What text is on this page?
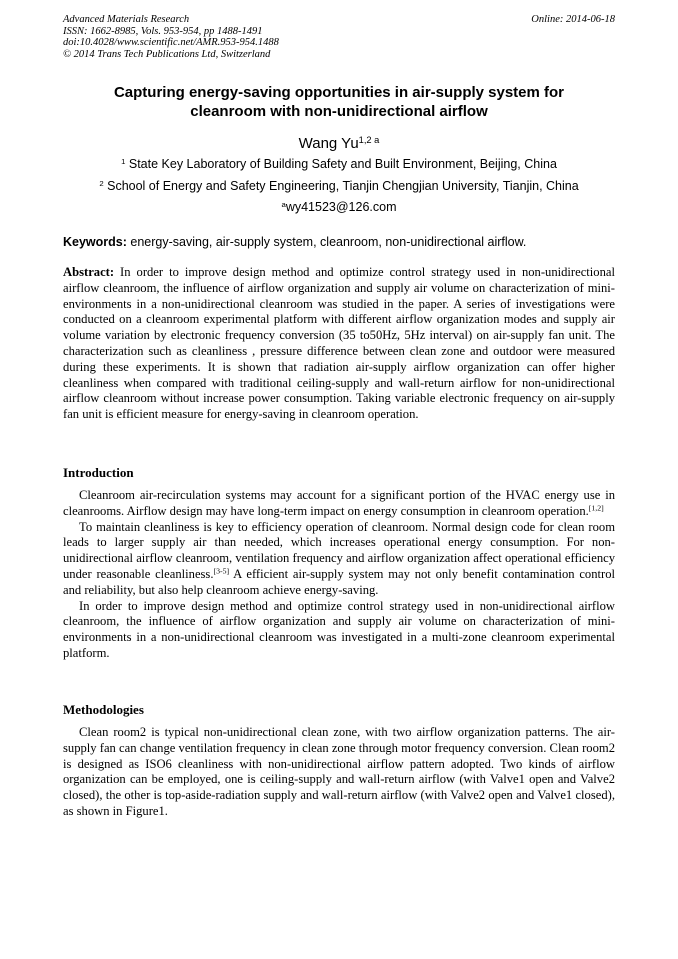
Advanced Materials Research
ISSN: 1662-8985, Vols. 953-954, pp 1488-1491
doi:10.4028/www.scientific.net/AMR.953-954.1488
© 2014 Trans Tech Publications Ltd, Switzerland
Online: 2014-06-18
Capturing energy-saving opportunities in air-supply system for
cleanroom with non-unidirectional airflow
Wang $Yu^{1,2 a}$
$^1$ State Key Laboratory of Building Safety and Built Environment, Beijing, China
$^2$ School of Energy and Safety Engineering, Tianjin Chengjian University, Tianjin, China
$^a$wy41523@126.com
Keywords: energy-saving, air-supply system, cleanroom, non-unidirectional airflow.

Abstract: In order to improve design method and optimize control strategy used in non-unidirectional airflow cleanroom, the influence of airflow organization and supply air volume on characterization of mini-environments in a non-unidirectional cleanroom was studied in the paper. A series of investigations were conducted on a cleanroom experimental platform with different airflow organization modes and supply air volume variation by electronic frequency conversion (35 to50Hz, 5Hz interval) on air-supply fan unit. The characterization such as cleanliness , pressure difference between clean zone and outdoor were measured during these experiments. It is shown that radiation air-supply airflow organization can offer higher cleanliness when compared with traditional ceiling-supply and wall-return airflow for non-unidirectional airflow cleanroom without increase power consumption. Taking variable electronic frequency on air-supply fan unit is efficient measure for energy-saving in cleanroom operation.

Introduction

Cleanroom air-recirculation systems may account for a significant portion of the HVAC energy use in cleanrooms. Airflow design may have long-term impact on energy consumption in cleanroom operation.[1,2]

To maintain cleanliness is key to efficiency operation of cleanroom. Normal design code for clean room leads to larger supply air than needed, which increases operational energy consumption. For non-unidirectional airflow cleanroom, ventilation frequency and airflow organization affect operational efficiency under reasonable cleanliness.[3-5] A efficient air-supply system may not only benefit contamination control and reliability, but also help cleanroom achieve energy-saving.

In order to improve design method and optimize control strategy used in non-unidirectional airflow cleanroom, the influence of airflow organization and supply air volume on characterization of mini-environments in a non-unidirectional cleanroom was investigated in a multi-zone cleanroom experimental platform.

Methodologies

Clean room2 is typical non-unidirectional clean zone, with two airflow organization patterns. The air-supply fan can change ventilation frequency in clean zone through motor frequency conversion. Clean room2 is designed as ISO6 cleanliness with non-unidirectional airflow pattern adopted. Two kinds of airflow organization can be employed, one is ceiling-supply and wall-return airflow (with Valve1 open and Valve2 closed), the other is top-aside-radiation supply and wall-return airflow (with Valve2 open and Valve1 closed), as shown in Figure1.
